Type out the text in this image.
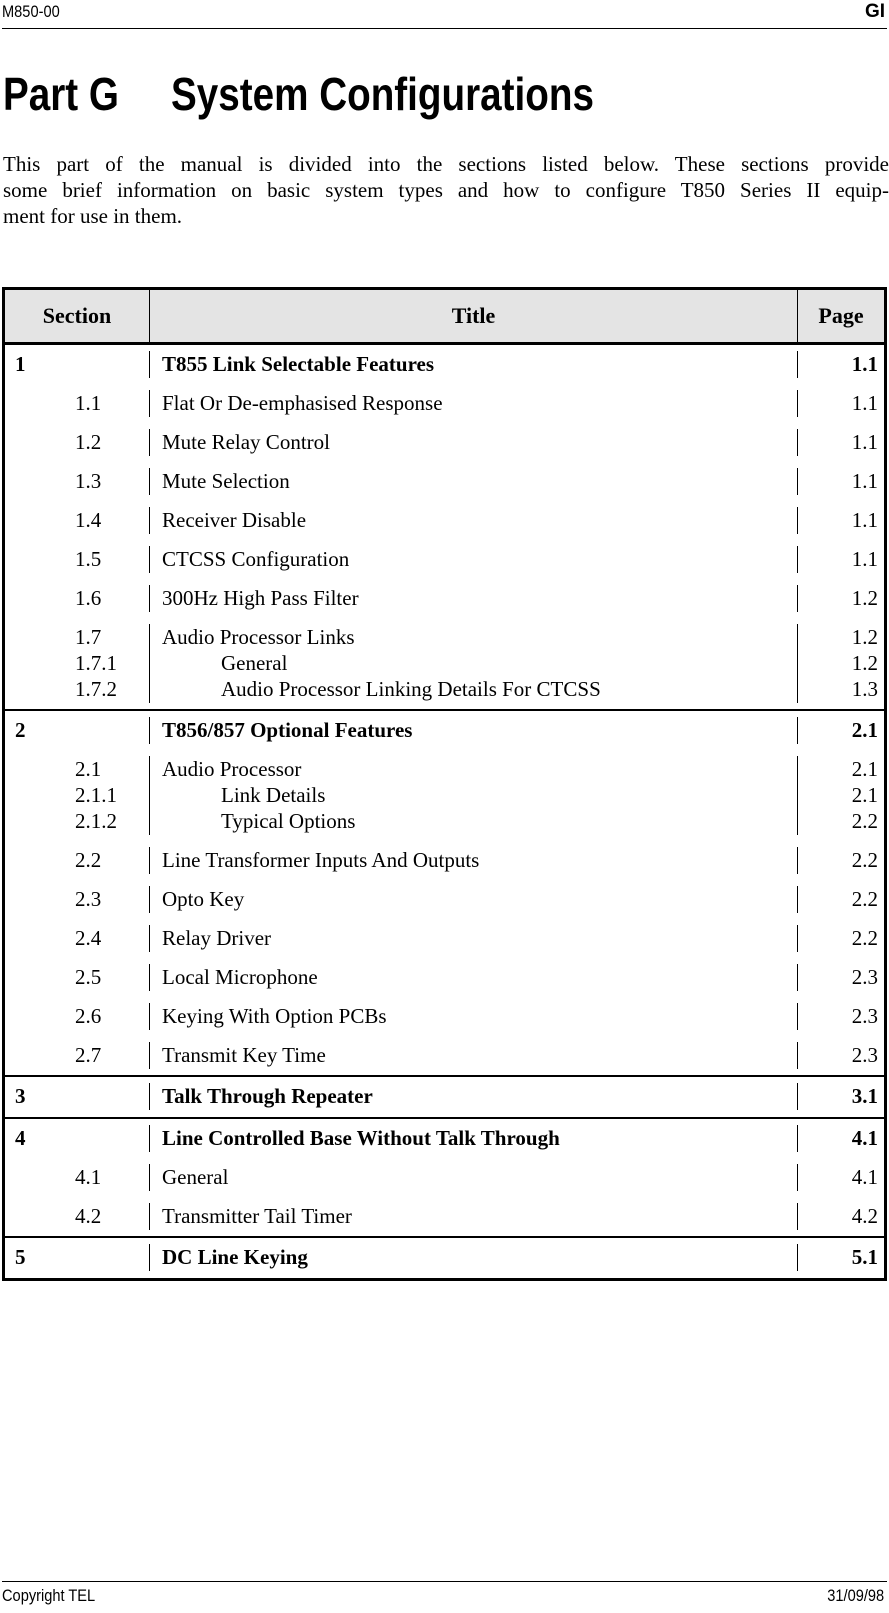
M850-00	GI
Part G System Configurations

This part of the manual is divided into the sections listed below. These sections provide
some brief information on basic system types and how to configure T850 Series II equip-
ment for use in them.

Section	Title	Page
1	T855 Link Selectable Features	1.1
1.1	Flat Or De-emphasised Response	1.1
1.2	Mute Relay Control	1.1
1.3	Mute Selection	1.1
1.4	Receiver Disable	1.1
1.5	CTCSS Configuration	1.1
1.6	300Hz High Pass Filter	1.2
1.7	Audio Processor Links	1.2
1.7.1	General	1.2
1.7.2	Audio Processor Linking Details For CTCSS	1.3
2	T856/857 Optional Features	2.1
2.1	Audio Processor	2.1
2.1.1	Link Details	2.1
2.1.2	Typical Options	2.2
2.2	Line Transformer Inputs And Outputs	2.2
2.3	Opto Key	2.2
2.4	Relay Driver	2.2
2.5	Local Microphone	2.3
2.6	Keying With Option PCBs	2.3
2.7	Transmit Key Time	2.3
3	Talk Through Repeater	3.1
4	Line Controlled Base Without Talk Through	4.1
4.1	General	4.1
4.2	Transmitter Tail Timer	4.2
5	DC Line Keying	5.1
Copyright TEL	31/09/98
